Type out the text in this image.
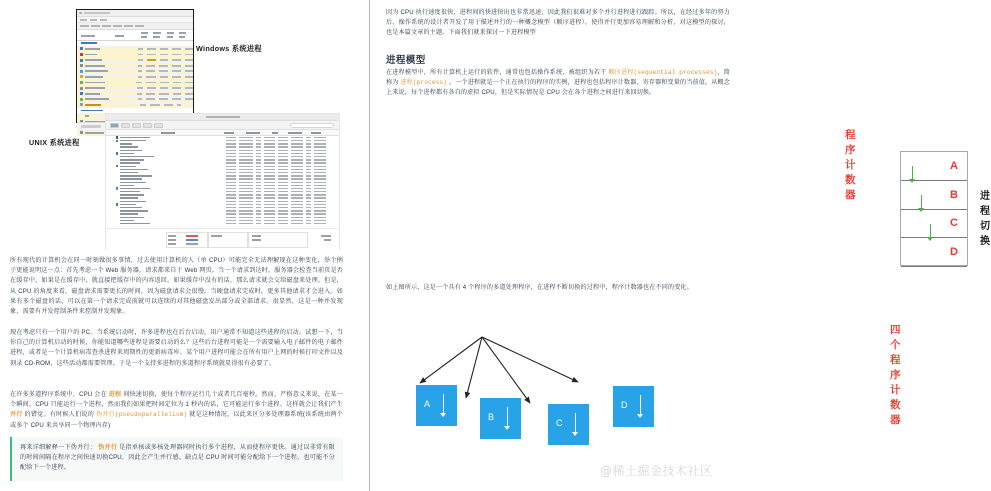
Windows 系统进程
UNIX 系统进程
所有现代的计算机会在同一时刻做很多事情，过去使用计算机的人（单 CPU）可能完全无法理解现在这种变化，举个例子更能说明这一点：首先考虑一个 Web 服务器，请求都来自于 Web 网页。当一个请求到达时，服务器会检查当前页是否在缓存中，如果是在缓存中，就直接把缓存中的内容返回。如果缓存中没有的话，那么请求就会交给磁盘来处理。但是，从 CPU 的角度来看，磁盘请求需要更长的时间，因为磁盘请求会很慢。当硬盘请求完成时，更多其他请求才会进入。如果有多个磁盘的话，可以在第一个请求完成前就可以连续的对其他磁盘发出部分或全部请求。很显然，这是一种并发现象，需要有并发控制条件来控制并发现象。
现在考虑只有一个用户的 PC。当系统启动时，许多进程也在后台启动，用户通常不知道这些进程的启动。试想一下，当你自己的计算机启动的时候，你能知道哪些进程是需要启动的么？这些后台进程可能是一个需要输入电子邮件的电子邮件进程，或者是一个计算机病毒查杀进程来周期性的更新病毒库。某个用户进程可能会在所有用户上网的时候打印文件以及刻录 CD-ROM，这些活动都需要管理。于是一个支持多进程的多道程序系统就显得很有必要了。
在许多多道程序系统中，CPU 会在 进程 间快速切换，使每个程序运行几十或者几百毫秒。然而，严格意义来说，在某一个瞬间，CPU 只能运行一个进程，然而我们如果把时间定位为 1 秒内的话，它可能运行多个进程。这样就会让我们产生 并行 的错觉。有时候人们说的 伪并行(pseudoparallelism) 就是这种情况，以此来区分多处理器系统(该系统由两个或多个 CPU 来共享同一个物理内存)
再来详细解释一下伪并行： 伪并行 是指单核或多核处理器同时执行多个进程，从而使程序更快。通过以非常有限的时间间隔在程序之间快速切换CPU，因此会产生并行感。缺点是 CPU 时间可能分配给下一个进程，也可能不分配给下一个进程。
因为 CPU 执行速度很快，进程间的快进快出也非常迅速，因此我们很难对多个并行进程进行跟踪。所以，在经过多年的努力后，操作系统的设计者开发了用于描述并行的一种概念模型（顺序进程），使得并行更加容易理解和分析，对这模型的探讨，也是本篇文章的主题。下面我们就来探讨一下进程模型
进程模型
在进程模型中，所有计算机上运行的软件，通常也包括操作系统，被组织为若干 顺序进程(sequential processes)，简称为 进程(process) 。一个进程就是一个正在执行的程序的实例，进程也包括程序计数器、寄存器和变量的当前值。从概念上来说，每个进程都有各自的虚拟 CPU，但是实际情况是 CPU 会在各个进程之间进行来回切换。
程序计数器
A
B
C
D
进程
切换
如上图所示，这是一个具有 4 个程序的多道处理程序，在进程不断切换的过程中，程序计数器也在不同的变化。
四个程序计数器
A
B
C
D
@稀土掘金技术社区
